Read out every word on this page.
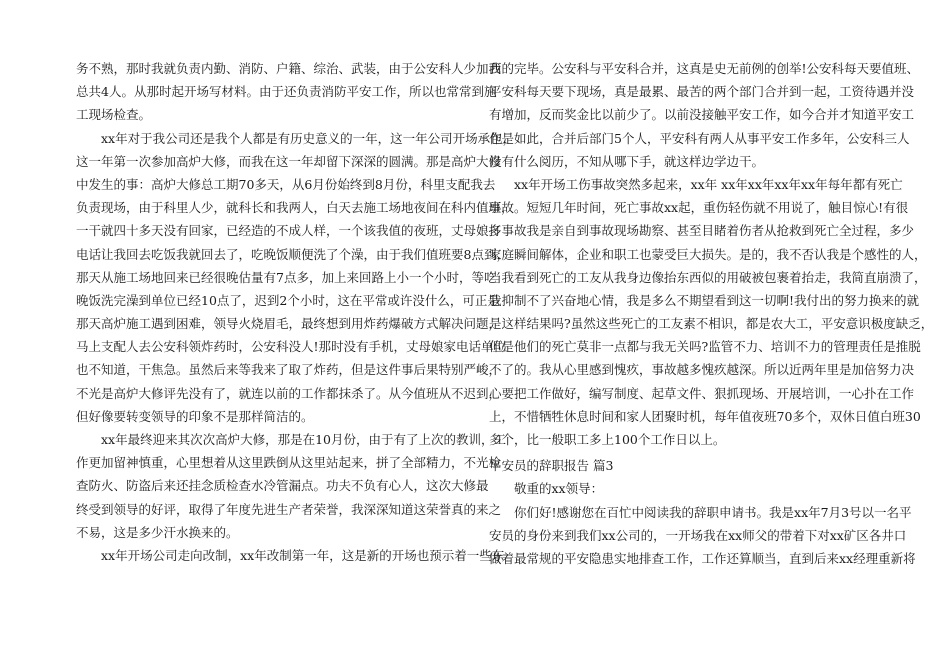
务不熟，那时我就负责内勤、消防、户籍、综治、武装，由于公安科人少加我
总共4人。从那时起开场写材料。由于还负责消防平安工作，所以也常常到施
工现场检查。
xx年对于我公司还是我个人都是有历史意义的一年，这一年公司开场承包，
这一年第一次参加高炉大修，而我在这一年却留下深深的圆满。那是高炉大修
中发生的事：高炉大修总工期70多天，从6月份始终到8月份，科里支配我去
负责现场，由于科里人少，就科长和我两人，白天去施工场地夜间在科内值班，
一干就四十多天没有回家，已经造的不成人样，一个该我值的夜班，丈母娘打
电话让我回去吃饭我就回去了，吃晚饭顺便洗了个澡，由于我们值班要8点到，
那天从施工场地回来已经很晚估量有7点多，加上来回路上小一个小时，等吃
晚饭洗完澡到单位已经10点了，迟到2个小时，这在平常或许没什么，可正是
那天高炉施工遇到困难，领导火烧眉毛，最终想到用炸药爆破方式解决问题，
马上支配人去公安科领炸药时，公安科没人!那时没有手机，丈母娘家电话单位
也不知道，干焦急。虽然后来等我来了取了炸药，但是这件事后果特别严峻，
不光是高炉大修评先没有了，就连以前的工作都抹杀了。从今值班从不迟到，
但好像要转变领导的印象不是那样简洁的。
xx年最终迎来其次次高炉大修，那是在10月份，由于有了上次的教训，工
作更加留神慎重，心里想着从这里跌倒从这里站起来，拼了全部精力，不光检
查防火、防盗后来还挂念质检查水冷管漏点。功夫不负有心人，这次大修最
终受到领导的好评，取得了年度先进生产者荣誉，我深深知道这荣誉真的来之
不易，这是多少汗水换来的。
xx年开场公司走向改制，xx年改制第一年，这是新的开场也预示着一些东
西的完毕。公安科与平安科合并，这真是史无前例的创举!公安科每天要值班、
平安科每天要下现场，真是最累、最苦的两个部门合并到一起，工资待遇并没
有增加，反而奖金比以前少了。以前没接触平安工作，如今合并才知道平安工
作是如此，合并后部门5个人，平安科有两人从事平安工作多年，公安科三人
没有什么阅历，不知从哪下手，就这样边学边干。
xx年开场工伤事故突然多起来，xx年 xx年xx年xx年xx年每年都有死亡
事故。短短几年时间，死亡事故xx起，重伤轻伤就不用说了，触目惊心!有很
多事故我是亲自到事故现场勘察、甚至目睹着伤者从抢救到死亡全过程，多少
家庭瞬间解体，企业和职工也蒙受巨大损失。是的，我不否认我是个感性的人，
当我看到死亡的工友从我身边像抬东西似的用破被包裹着抬走，我简直崩溃了，
我抑制不了兴奋地心情，我是多么不期望看到这一切啊!我付出的努力换来的就
是这样结果吗?虽然这些死亡的工友素不相识，都是农大工，平安意识极度缺乏，
但是他们的死亡莫非一点都与我无关吗?监管不力、培训不力的管理责任是推脱
不了的。我从心里感到愧疚，事故越多愧疚越深。所以近两年里是加倍努力决
心要把工作做好，编写制度、起草文件、狠抓现场、开展培训，一心扑在工作
上，不惜牺牲休息时间和家人团聚时机，每年值夜班70多个，双休日值白班30
多个，比一般职工多上100个工作日以上。
平安员的辞职报告 篇3
敬重的xx领导：
你们好!感谢您在百忙中阅读我的辞职申请书。我是xx年7月3号以一名平
安员的身份来到我们xx公司的，一开场我在xx师父的带着下对xx矿区各井口
做着最常规的平安隐患实地排查工作，工作还算顺当，直到后来xx经理重新将
